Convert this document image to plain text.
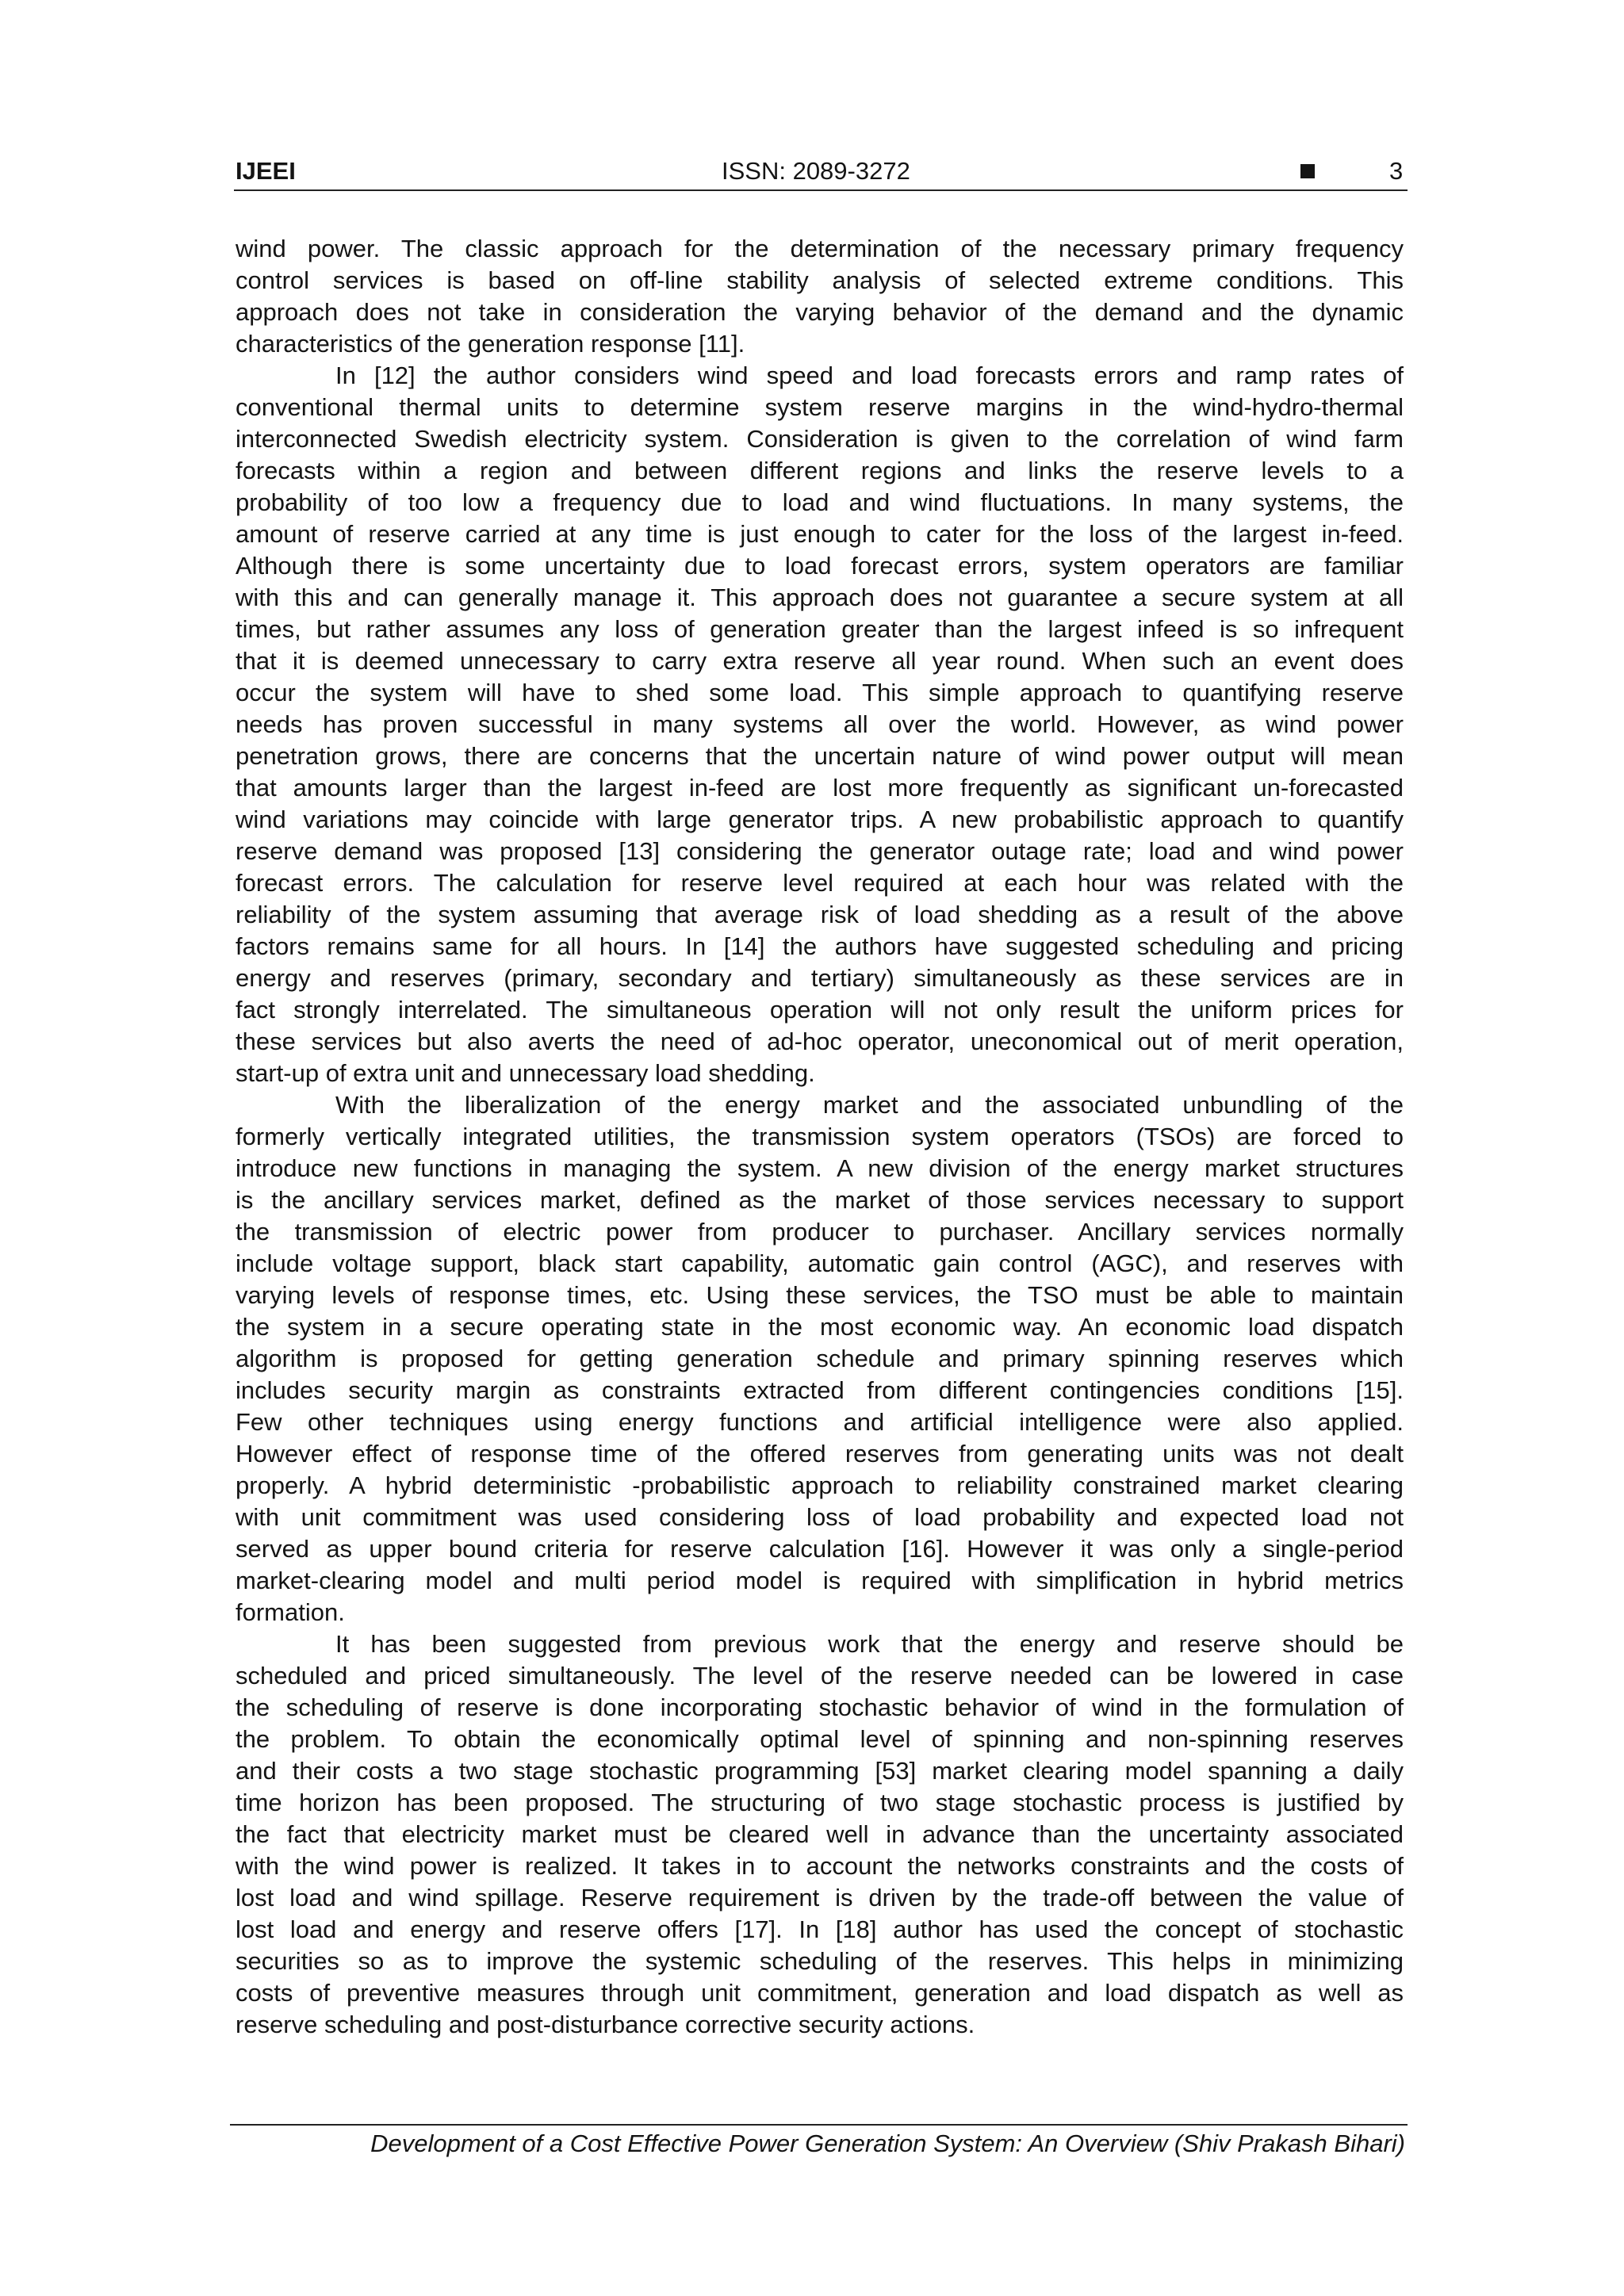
IJEEI	ISSN: 2089-3272	3
wind power. The classic approach for the determination of the necessary primary frequency
control services is based on off-line stability analysis of selected extreme conditions. This
approach does not take in consideration the varying behavior of the demand and the dynamic
characteristics of the generation response [11].
In [12] the author considers wind speed and load forecasts errors and ramp rates of
conventional thermal units to determine system reserve margins in the wind-hydro-thermal
interconnected Swedish electricity system. Consideration is given to the correlation of wind farm
forecasts within a region and between different regions and links the reserve levels to a
probability of too low a frequency due to load and wind fluctuations. In many systems, the
amount of reserve carried at any time is just enough to cater for the loss of the largest in-feed.
Although there is some uncertainty due to load forecast errors, system operators are familiar
with this and can generally manage it. This approach does not guarantee a secure system at all
times, but rather assumes any loss of generation greater than the largest infeed is so infrequent
that it is deemed unnecessary to carry extra reserve all year round. When such an event does
occur the system will have to shed some load. This simple approach to quantifying reserve
needs has proven successful in many systems all over the world. However, as wind power
penetration grows, there are concerns that the uncertain nature of wind power output will mean
that amounts larger than the largest in-feed are lost more frequently as significant un-forecasted
wind variations may coincide with large generator trips. A new probabilistic approach to quantify
reserve demand was proposed [13] considering the generator outage rate; load and wind power
forecast errors. The calculation for reserve level required at each hour was related with the
reliability of the system assuming that average risk of load shedding as a result of the above
factors remains same for all hours. In [14] the authors have suggested scheduling and pricing
energy and reserves (primary, secondary and tertiary) simultaneously as these services are in
fact strongly interrelated. The simultaneous operation will not only result the uniform prices for
these services but also averts the need of ad-hoc operator, uneconomical out of merit operation,
start-up of extra unit and unnecessary load shedding.
With the liberalization of the energy market and the associated unbundling of the
formerly vertically integrated utilities, the transmission system operators (TSOs) are forced to
introduce new functions in managing the system. A new division of the energy market structures
is the ancillary services market, defined as the market of those services necessary to support
the transmission of electric power from producer to purchaser. Ancillary services normally
include voltage support, black start capability, automatic gain control (AGC), and reserves with
varying levels of response times, etc. Using these services, the TSO must be able to maintain
the system in a secure operating state in the most economic way. An economic load dispatch
algorithm is proposed for getting generation schedule and primary spinning reserves which
includes security margin as constraints extracted from different contingencies conditions [15].
Few other techniques using energy functions and artificial intelligence were also applied.
However effect of response time of the offered reserves from generating units was not dealt
properly. A hybrid deterministic -probabilistic approach to reliability constrained market clearing
with unit commitment was used considering loss of load probability and expected load not
served as upper bound criteria for reserve calculation [16]. However it was only a single-period
market-clearing model and multi period model is required with simplification in hybrid metrics
formation.
It has been suggested from previous work that the energy and reserve should be
scheduled and priced simultaneously. The level of the reserve needed can be lowered in case
the scheduling of reserve is done incorporating stochastic behavior of wind in the formulation of
the problem. To obtain the economically optimal level of spinning and non-spinning reserves
and their costs a two stage stochastic programming [53] market clearing model spanning a daily
time horizon has been proposed. The structuring of two stage stochastic process is justified by
the fact that electricity market must be cleared well in advance than the uncertainty associated
with the wind power is realized. It takes in to account the networks constraints and the costs of
lost load and wind spillage. Reserve requirement is driven by the trade-off between the value of
lost load and energy and reserve offers [17]. In [18] author has used the concept of stochastic
securities so as to improve the systemic scheduling of the reserves. This helps in minimizing
costs of preventive measures through unit commitment, generation and load dispatch as well as
reserve scheduling and post-disturbance corrective security actions.
Development of a Cost Effective Power Generation System: An Overview (Shiv Prakash Bihari)
